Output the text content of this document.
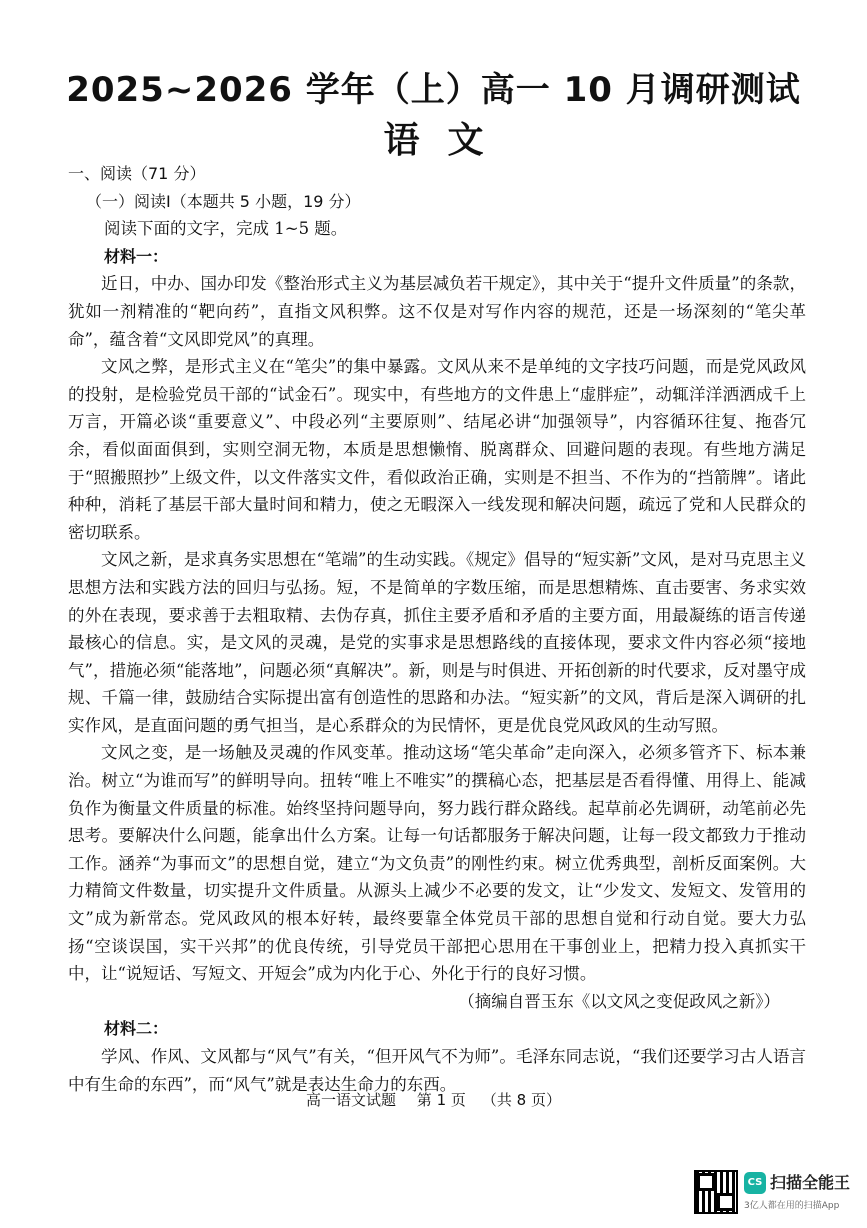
2025~2026 学年（上）高一 10 月调研测试
语文

一、阅读（71 分）

（一）阅读Ⅰ（本题共 5 小题，19 分）

阅读下面的文字，完成 1~5 题。

材料一：

近日，中办、国办印发《整治形式主义为基层减负若干规定》，其中关于“提升文件质量”的条款，犹如一剂精准的“靶向药”，直指文风积弊。这不仅是对写作内容的规范，还是一场深刻的“笔尖革命”，蕴含着“文风即党风”的真理。

文风之弊，是形式主义在“笔尖”的集中暴露。文风从来不是单纯的文字技巧问题，而是党风政风的投射，是检验党员干部的“试金石”。现实中，有些地方的文件患上“虚胖症”，动辄洋洋洒洒成千上万言，开篇必谈“重要意义”、中段必列“主要原则”、结尾必讲“加强领导”，内容循环往复、拖沓冗余，看似面面俱到，实则空洞无物，本质是思想懒惰、脱离群众、回避问题的表现。有些地方满足于“照搬照抄”上级文件，以文件落实文件，看似政治正确，实则是不担当、不作为的“挡箭牌”。诸此种种，消耗了基层干部大量时间和精力，使之无暇深入一线发现和解决问题，疏远了党和人民群众的密切联系。

文风之新，是求真务实思想在“笔端”的生动实践。《规定》倡导的“短实新”文风，是对马克思主义思想方法和实践方法的回归与弘扬。短，不是简单的字数压缩，而是思想精炼、直击要害、务求实效的外在表现，要求善于去粗取精、去伪存真，抓住主要矛盾和矛盾的主要方面，用最凝练的语言传递最核心的信息。实，是文风的灵魂，是党的实事求是思想路线的直接体现，要求文件内容必须“接地气”，措施必须“能落地”，问题必须“真解决”。新，则是与时俱进、开拓创新的时代要求，反对墨守成规、千篇一律，鼓励结合实际提出富有创造性的思路和办法。“短实新”的文风，背后是深入调研的扎实作风，是直面问题的勇气担当，是心系群众的为民情怀，更是优良党风政风的生动写照。

文风之变，是一场触及灵魂的作风变革。推动这场“笔尖革命”走向深入，必须多管齐下、标本兼治。树立“为谁而写”的鲜明导向。扭转“唯上不唯实”的撰稿心态，把基层是否看得懂、用得上、能减负作为衡量文件质量的标准。始终坚持问题导向，努力践行群众路线。起草前必先调研，动笔前必先思考。要解决什么问题，能拿出什么方案。让每一句话都服务于解决问题，让每一段文都致力于推动工作。涵养“为事而文”的思想自觉，建立“为文负责”的刚性约束。树立优秀典型，剖析反面案例。大力精简文件数量，切实提升文件质量。从源头上减少不必要的发文，让“少发文、发短文、发管用的文”成为新常态。党风政风的根本好转，最终要靠全体党员干部的思想自觉和行动自觉。要大力弘扬“空谈误国，实干兴邦”的优良传统，引导党员干部把心思用在干事创业上，把精力投入真抓实干中，让“说短话、写短文、开短会”成为内化于心、外化于行的良好习惯。

（摘编自晋玉东《以文风之变促政风之新》）

材料二：

学风、作风、文风都与“风气”有关，“但开风气不为师”。毛泽东同志说，“我们还要学习古人语言中有生命的东西”，而“风气”就是表达生命力的东西。

高一语文试题 第 1 页 （共 8 页）
CS 扫描全能王
3亿人都在用的扫描App
